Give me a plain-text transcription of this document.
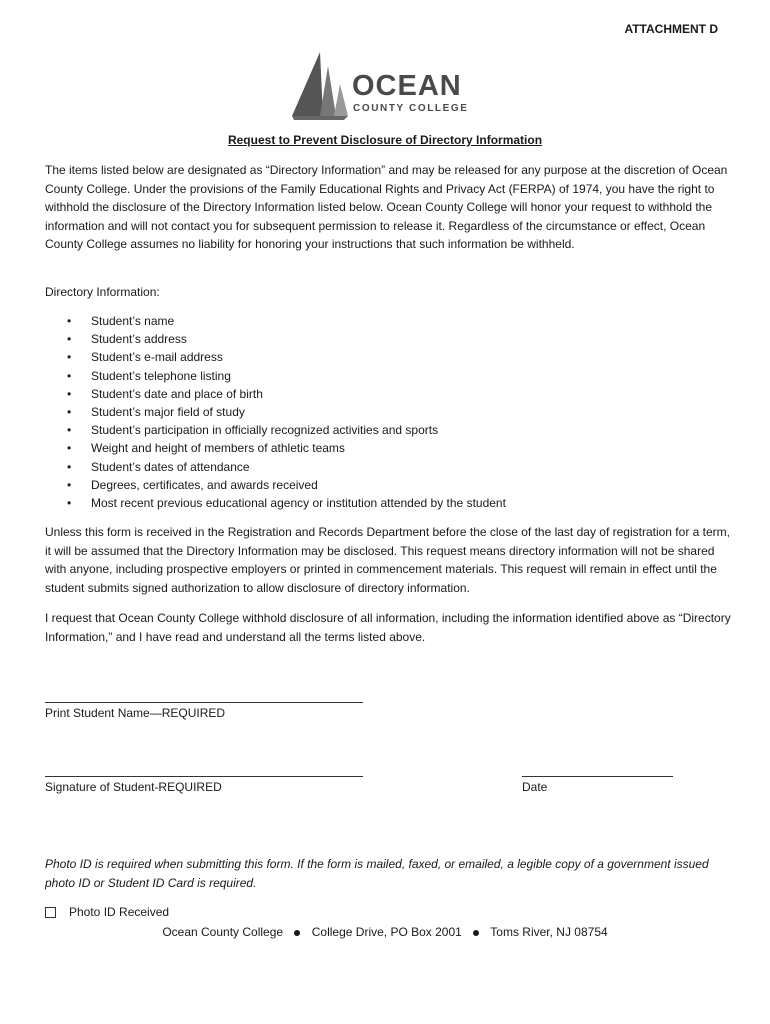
ATTACHMENT D
OCEAN
COUNTY COLLEGE
Request to Prevent Disclosure of Directory Information
The items listed below are designated as “Directory Information” and may be released for any purpose at the discretion of Ocean County College. Under the provisions of the Family Educational Rights and Privacy Act (FERPA) of 1974, you have the right to withhold the disclosure of the Directory Information listed below. Ocean County College will honor your request to withhold the information and will not contact you for subsequent permission to release it. Regardless of the circumstance or effect, Ocean County College assumes no liability for honoring your instructions that such information be withheld.
Directory Information:
• Student’s name
• Student’s address
• Student’s e-mail address
• Student’s telephone listing
• Student’s date and place of birth
• Student’s major field of study
• Student’s participation in officially recognized activities and sports
• Weight and height of members of athletic teams
• Student’s dates of attendance
• Degrees, certificates, and awards received
• Most recent previous educational agency or institution attended by the student
Unless this form is received in the Registration and Records Department before the close of the last day of registration for a term, it will be assumed that the Directory Information may be disclosed. This request means directory information will not be shared with anyone, including prospective employers or printed in commencement materials. This request will remain in effect until the student submits signed authorization to allow disclosure of directory information.
I request that Ocean County College withhold disclosure of all information, including the information identified above as “Directory Information,” and I have read and understand all the terms listed above.
Print Student Name—REQUIRED
Signature of Student-REQUIRED	Date
Photo ID is required when submitting this form. If the form is mailed, faxed, or emailed, a legible copy of a government issued photo ID or Student ID Card is required.
Photo ID Received
Ocean County College College Drive, PO Box 2001 Toms River, NJ 08754
